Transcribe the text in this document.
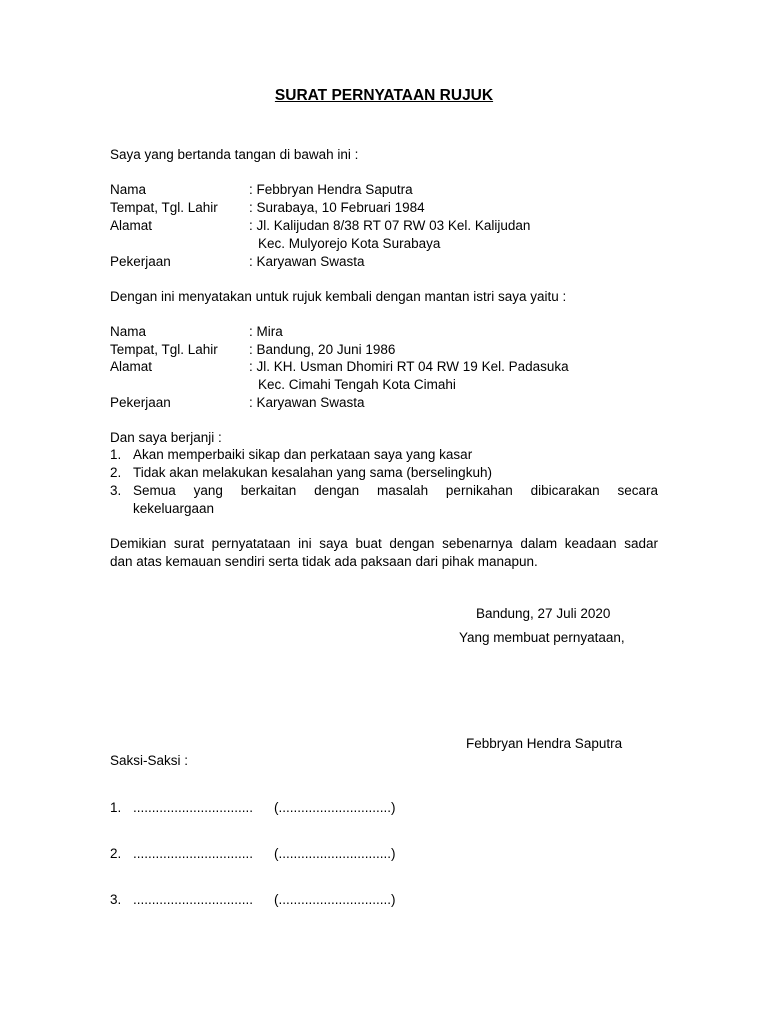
SURAT PERNYATAAN RUJUK
Saya yang bertanda tangan di bawah ini :
Nama	: Febbryan Hendra Saputra
Tempat, Tgl. Lahir : Surabaya, 10 Februari 1984
Alamat	: Jl. Kalijudan 8/38 RT 07 RW 03 Kel. Kalijudan
Kec. Mulyorejo Kota Surabaya
Pekerjaan	: Karyawan Swasta
Dengan ini menyatakan untuk rujuk kembali dengan mantan istri saya yaitu :
Nama	: Mira
Tempat, Tgl. Lahir : Bandung, 20 Juni 1986
Alamat	: Jl. KH. Usman Dhomiri RT 04 RW 19 Kel. Padasuka
Kec. Cimahi Tengah Kota Cimahi
Pekerjaan	: Karyawan Swasta
Dan saya berjanji :
1. Akan memperbaiki sikap dan perkataan saya yang kasar
2. Tidak akan melakukan kesalahan yang sama (berselingkuh)
3. Semua yang berkaitan dengan masalah pernikahan dibicarakan secara
kekeluargaan
Demikian surat pernyatataan ini saya buat dengan sebenarnya dalam keadaan sadar
dan atas kemauan sendiri serta tidak ada paksaan dari pihak manapun.
Bandung, 27 Juli 2020
Yang membuat pernyataan,
Febbryan Hendra Saputra
Saksi-Saksi :
1. ................................ (..............................)
2. ................................ (..............................)
3. ................................ (..............................)
